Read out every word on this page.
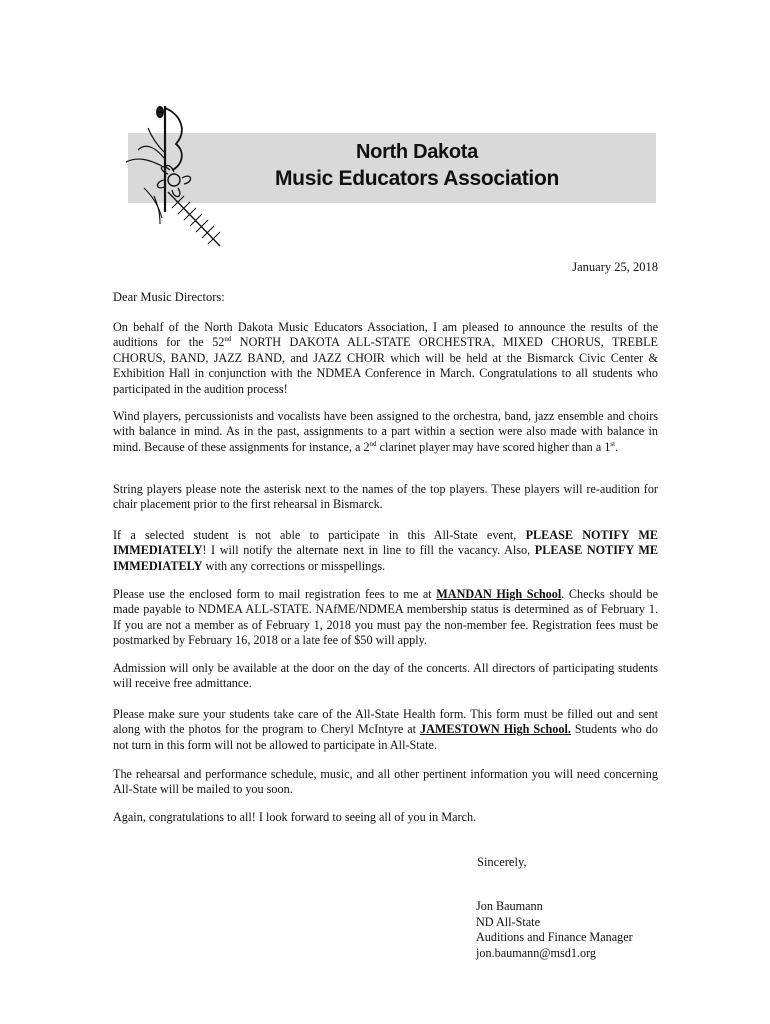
North Dakota
Music Educators Association
January 25, 2018
Dear Music Directors:

On behalf of the North Dakota Music Educators Association, I am pleased to announce the results of the auditions for the 52nd NORTH DAKOTA ALL-STATE ORCHESTRA, MIXED CHORUS, TREBLE CHORUS, BAND, JAZZ BAND, and JAZZ CHOIR which will be held at the Bismarck Civic Center & Exhibition Hall in conjunction with the NDMEA Conference in March. Congratulations to all students who participated in the audition process!

Wind players, percussionists and vocalists have been assigned to the orchestra, band, jazz ensemble and choirs with balance in mind. As in the past, assignments to a part within a section were also made with balance in mind. Because of these assignments for instance, a 2nd clarinet player may have scored higher than a 1st.

String players please note the asterisk next to the names of the top players. These players will re-audition for chair placement prior to the first rehearsal in Bismarck.

If a selected student is not able to participate in this All-State event, PLEASE NOTIFY ME IMMEDIATELY! I will notify the alternate next in line to fill the vacancy. Also, PLEASE NOTIFY ME IMMEDIATELY with any corrections or misspellings.

Please use the enclosed form to mail registration fees to me at MANDAN High School. Checks should be made payable to NDMEA ALL-STATE. NAfME/NDMEA membership status is determined as of February 1. If you are not a member as of February 1, 2018 you must pay the non-member fee. Registration fees must be postmarked by February 16, 2018 or a late fee of $50 will apply.

Admission will only be available at the door on the day of the concerts. All directors of participating students will receive free admittance.

Please make sure your students take care of the All-State Health form. This form must be filled out and sent along with the photos for the program to Cheryl McIntyre at JAMESTOWN High School. Students who do not turn in this form will not be allowed to participate in All-State.

The rehearsal and performance schedule, music, and all other pertinent information you will need concerning All-State will be mailed to you soon.

Again, congratulations to all! I look forward to seeing all of you in March.

Sincerely,
Jon Baumann
ND All-State
Auditions and Finance Manager
jon.baumann@msd1.org
